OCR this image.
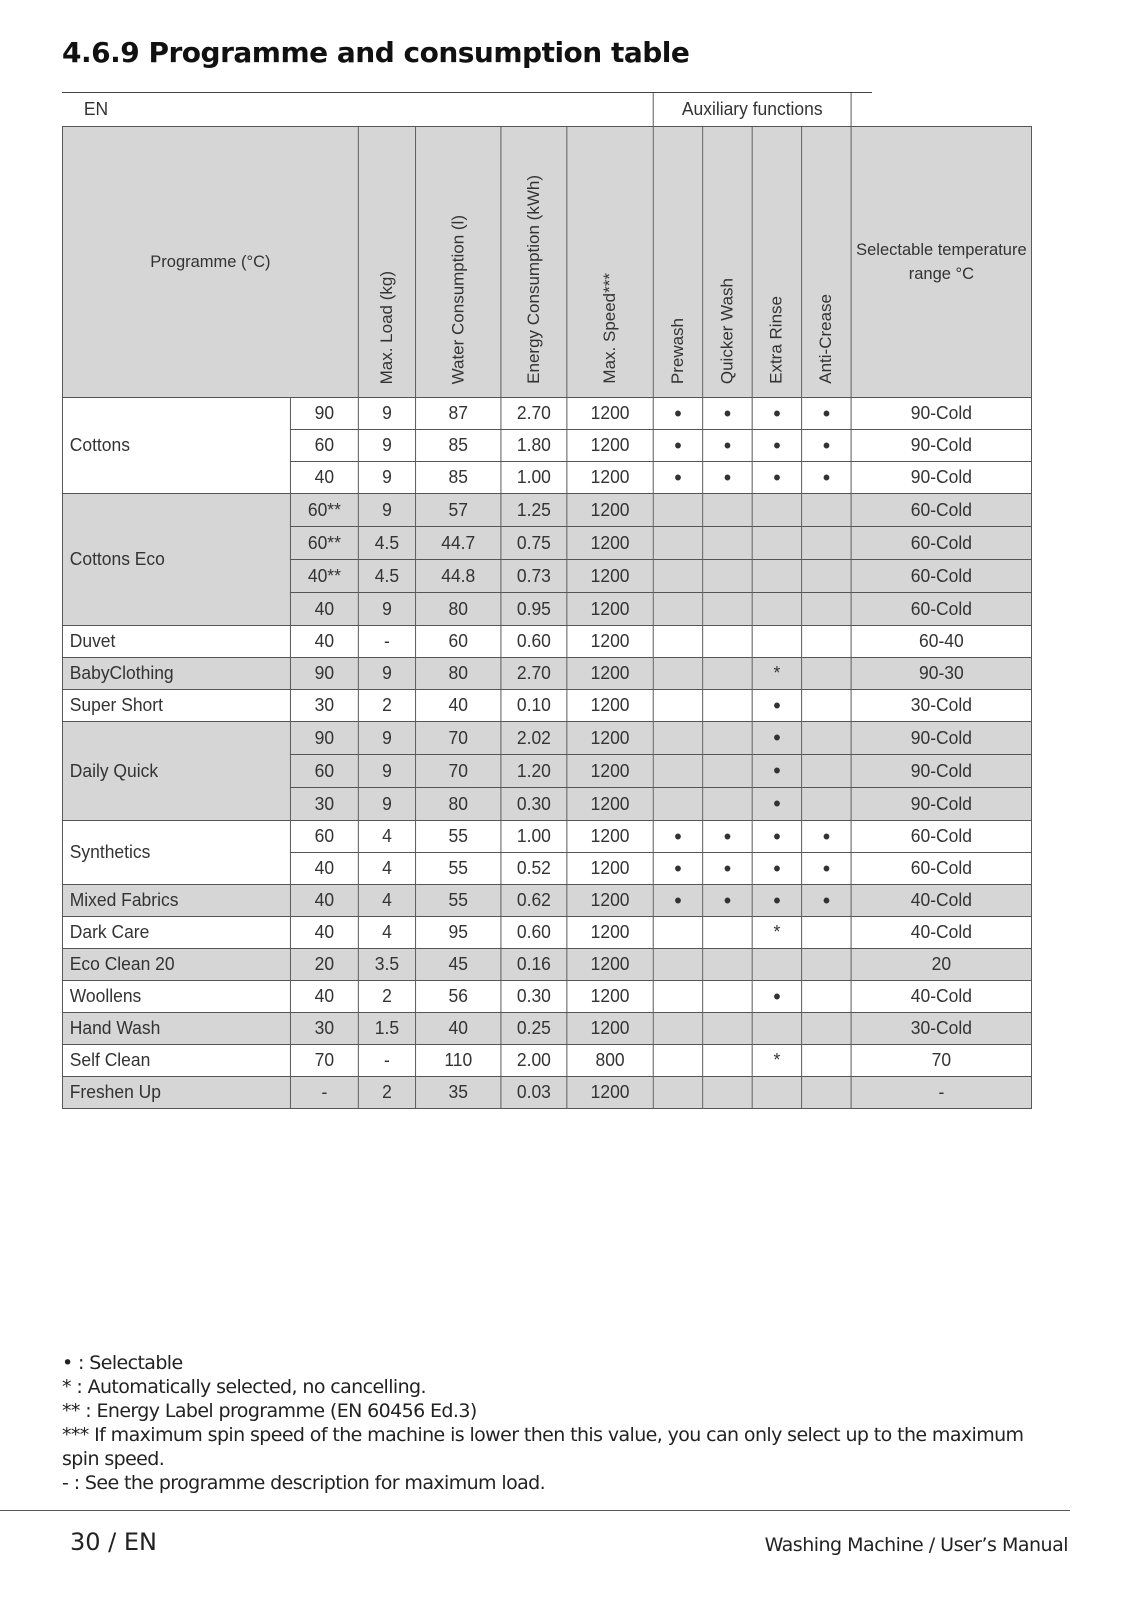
4.6.9 Programme and consumption table
EN						Auxiliary functions				
Programme (°C)		Max. Load (kg)	Water Consumption (l)	Energy Consumption (kWh)	Max. Speed***	Prewash	Quicker Wash	Extra Rinse	Anti-Crease	Selectable temperature range °C
Cottons	90	9	87	2.70	1200	•	•	•	•	90-Cold
	60	9	85	1.80	1200	•	•	•	•	90-Cold
	40	9	85	1.00	1200	•	•	•	•	90-Cold
Cottons Eco	60**	9	57	1.25	1200					60-Cold
	60**	4.5	44.7	0.75	1200					60-Cold
	40**	4.5	44.8	0.73	1200					60-Cold
	40	9	80	0.95	1200					60-Cold
Duvet	40	-	60	0.60	1200					60-40
BabyClothing	90	9	80	2.70	1200			*		90-30
Super Short	30	2	40	0.10	1200			•		30-Cold
Daily Quick	90	9	70	2.02	1200			•		90-Cold
	60	9	70	1.20	1200			•		90-Cold
	30	9	80	0.30	1200			•		90-Cold
Synthetics	60	4	55	1.00	1200	•	•	•	•	60-Cold
	40	4	55	0.52	1200	•	•	•	•	60-Cold
Mixed Fabrics	40	4	55	0.62	1200	•	•	•	•	40-Cold
Dark Care	40	4	95	0.60	1200			*		40-Cold
Eco Clean 20	20	3.5	45	0.16	1200					20
Woollens	40	2	56	0.30	1200			•		40-Cold
Hand Wash	30	1.5	40	0.25	1200					30-Cold
Self Clean	70	-	110	2.00	800			*		70
Freshen Up	-	2	35	0.03	1200					-

• : Selectable

* : Automatically selected, no cancelling.

** : Energy Label programme (EN 60456 Ed.3)

*** If maximum spin speed of the machine is lower then this value, you can only select up to the maximum spin speed.

- : See the programme description for maximum load.

30 / EN	Washing Machine / User’s Manual
